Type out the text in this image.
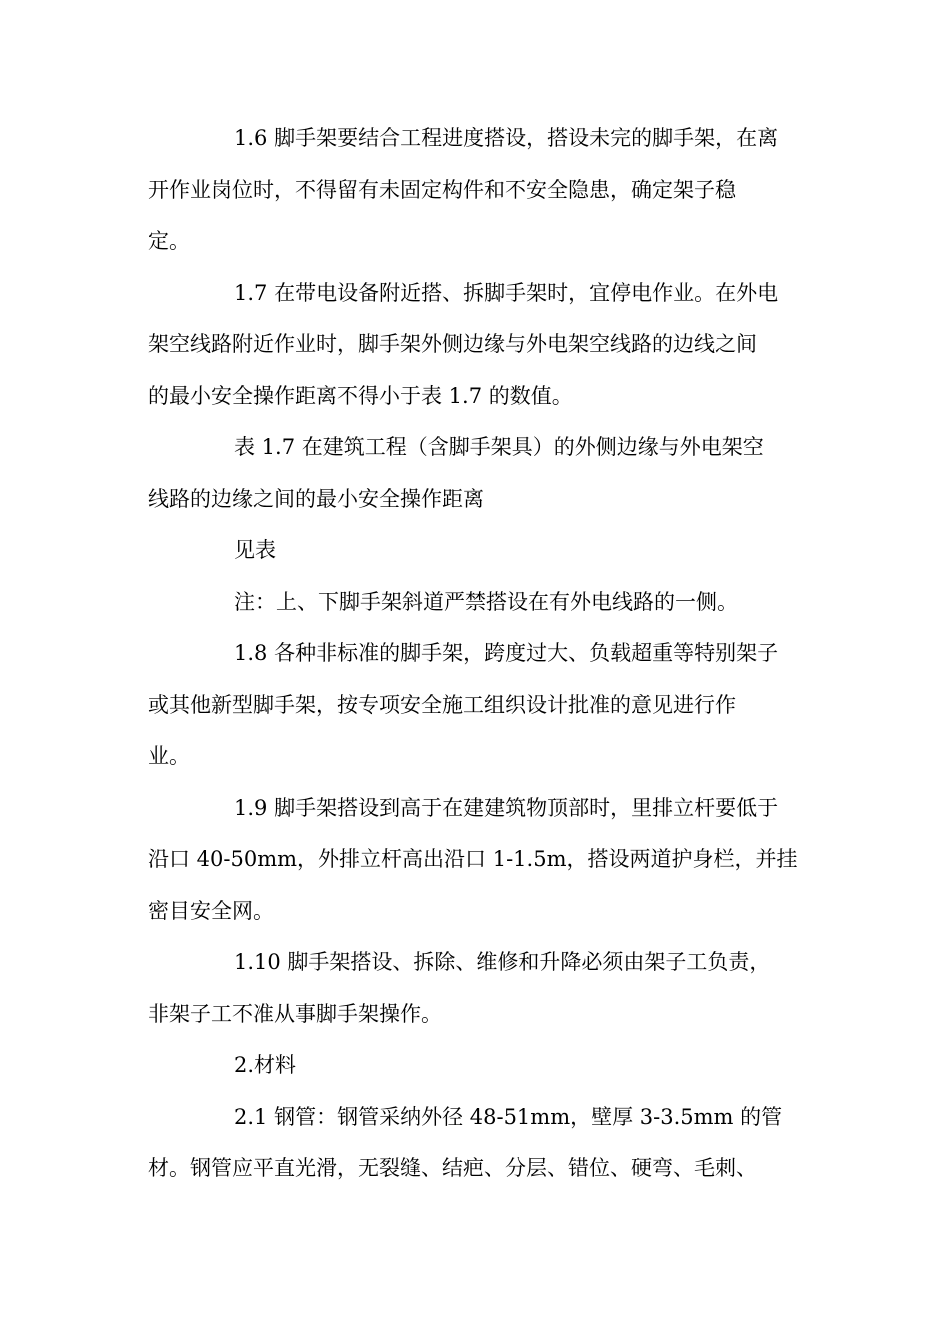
1.6 脚手架要结合工程进度搭设，搭设未完的脚手架，在离

开作业岗位时，不得留有未固定构件和不安全隐患，确定架子稳

定。

1.7 在带电设备附近搭、拆脚手架时，宜停电作业。在外电

架空线路附近作业时，脚手架外侧边缘与外电架空线路的边线之间

的最小安全操作距离不得小于表 1.7 的数值。

表 1.7 在建筑工程（含脚手架具）的外侧边缘与外电架空

线路的边缘之间的最小安全操作距离

见表

注：上、下脚手架斜道严禁搭设在有外电线路的一侧。

1.8 各种非标准的脚手架，跨度过大、负载超重等特别架子

或其他新型脚手架，按专项安全施工组织设计批准的意见进行作

业。

1.9 脚手架搭设到高于在建建筑物顶部时，里排立杆要低于

沿口 40-50mm，外排立杆高出沿口 1-1.5m，搭设两道护身栏，并挂

密目安全网。

1.10 脚手架搭设、拆除、维修和升降必须由架子工负责，

非架子工不准从事脚手架操作。

2.材料

2.1 钢管：钢管采纳外径 48-51mm，壁厚 3-3.5mm 的管

材。钢管应平直光滑，无裂缝、结疤、分层、错位、硬弯、毛刺、
